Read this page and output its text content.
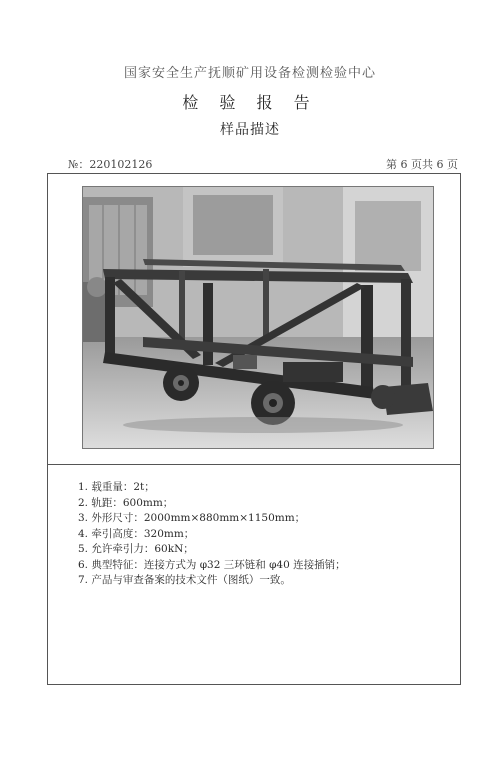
国家安全生产抚顺矿用设备检测检验中心
检 验 报 告
样品描述
№：220102126	第 6 页共 6 页
1. 载重量：2t；
2. 轨距：600mm；
3. 外形尺寸：2000mm×880mm×1150mm；
4. 牵引高度：320mm；
5. 允许牵引力：60kN；
6. 典型特征：连接方式为 φ32 三环链和 φ40 连接插销；
7. 产品与审查备案的技术文件（图纸）一致。
